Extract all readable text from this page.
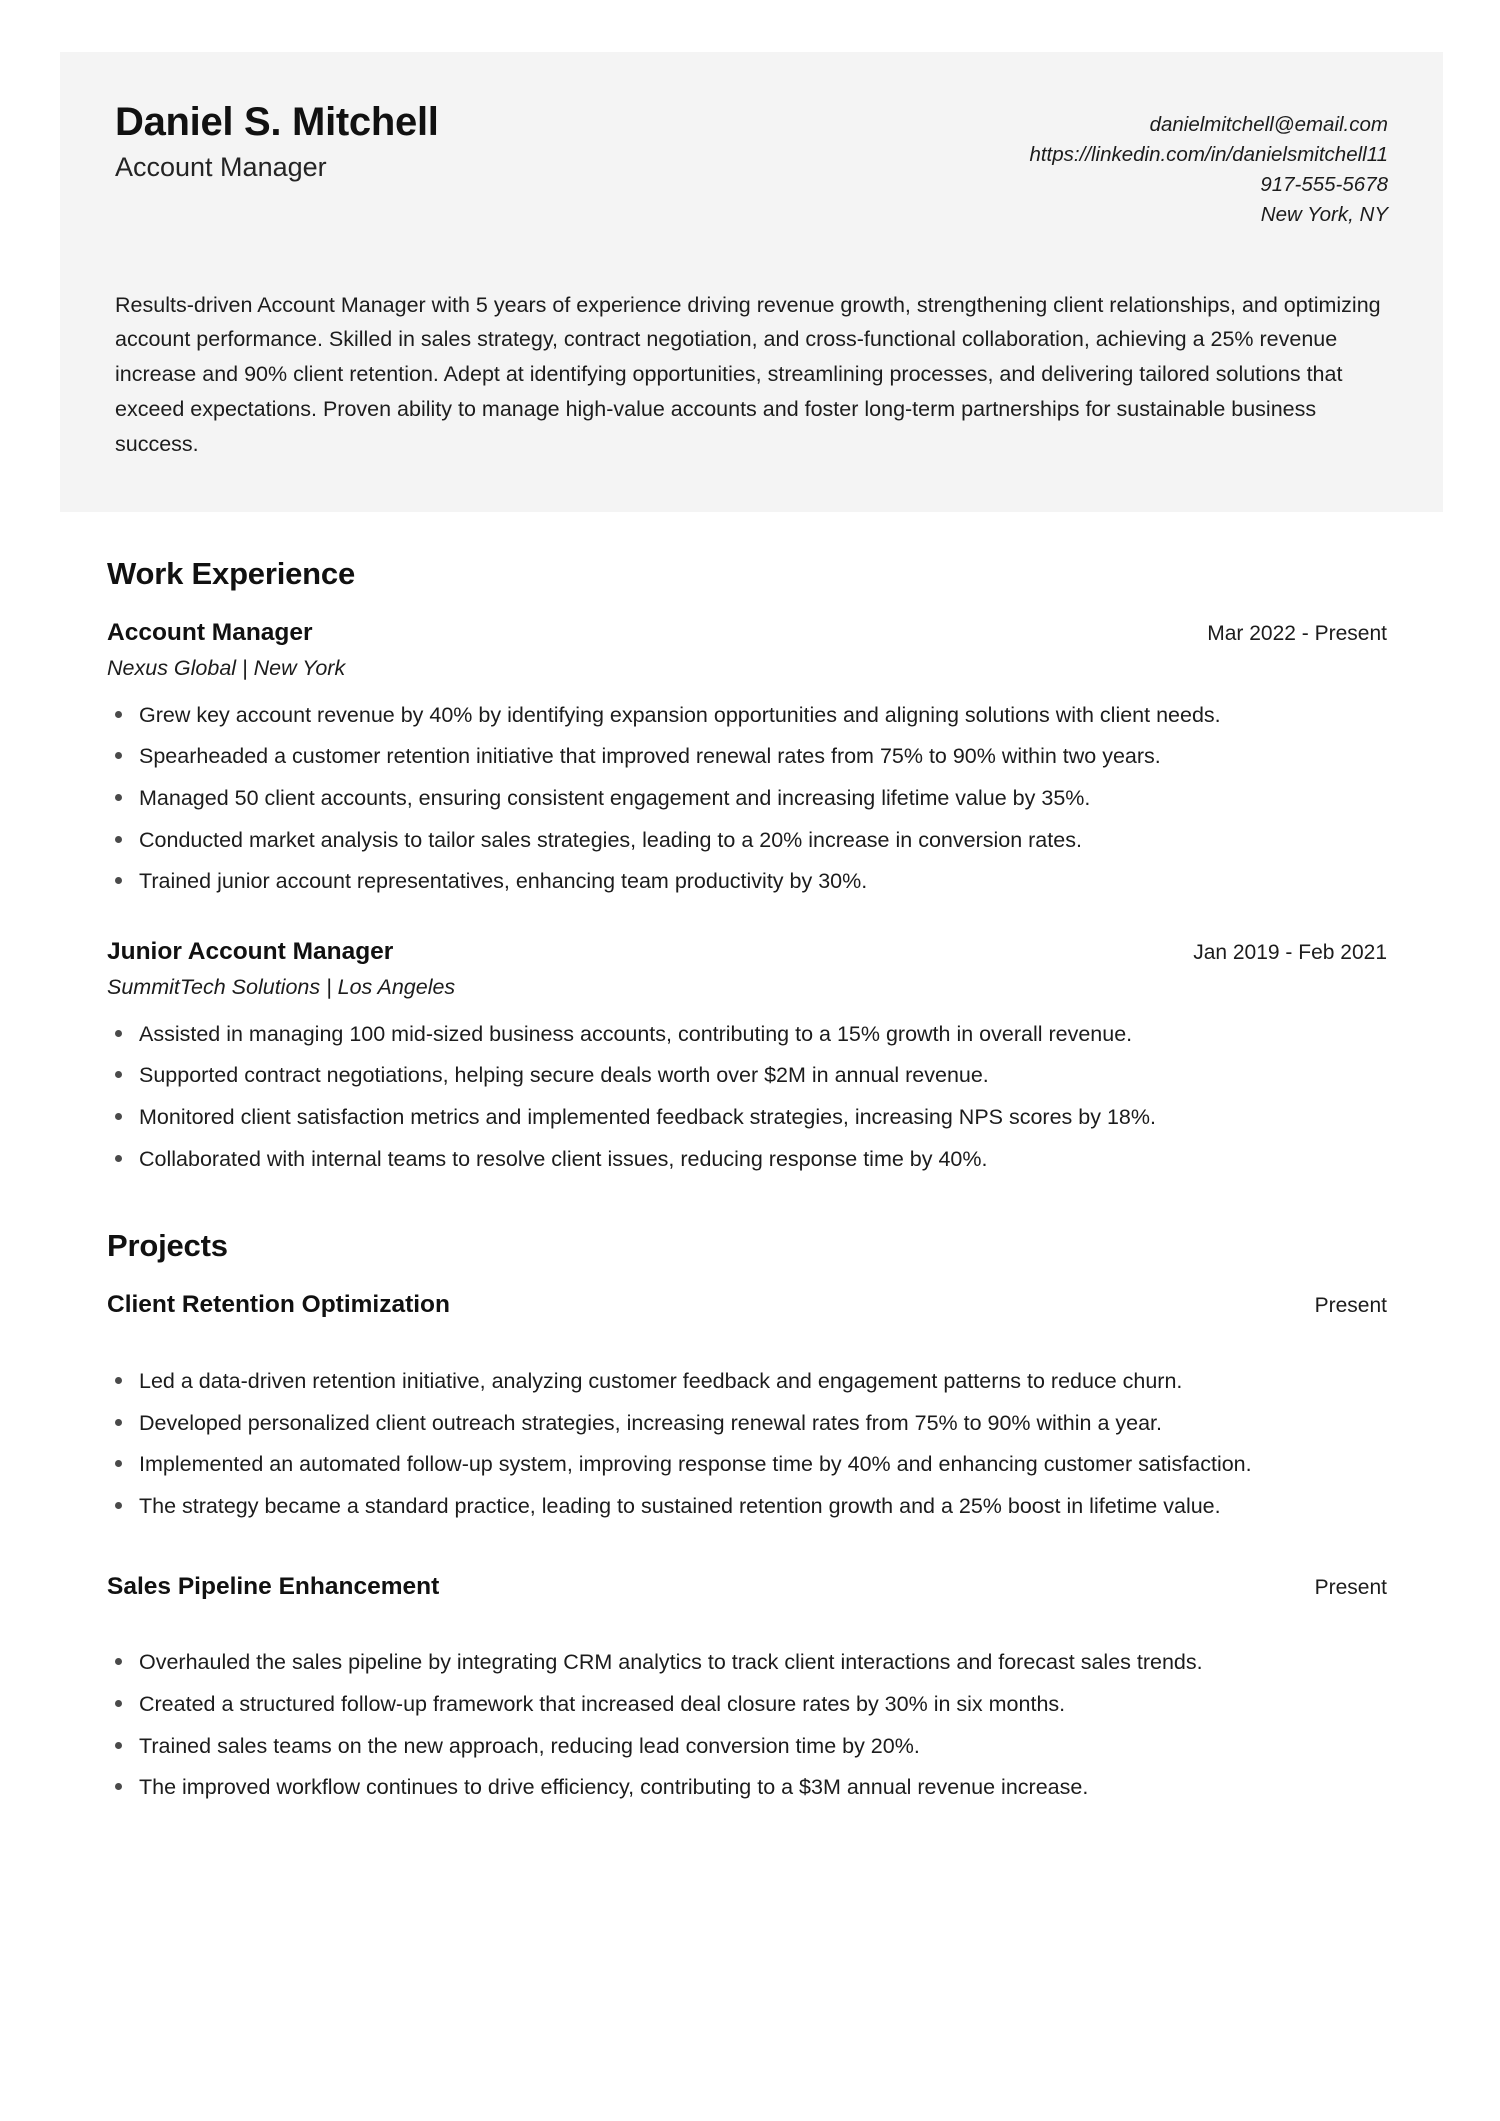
Daniel S. Mitchell
Account Manager
danielmitchell@email.com
https://linkedin.com/in/danielsmitchell11
917-555-5678
New York, NY
Results-driven Account Manager with 5 years of experience driving revenue growth, strengthening client relationships, and optimizing account performance. Skilled in sales strategy, contract negotiation, and cross-functional collaboration, achieving a 25% revenue increase and 90% client retention. Adept at identifying opportunities, streamlining processes, and delivering tailored solutions that exceed expectations. Proven ability to manage high-value accounts and foster long-term partnerships for sustainable business success.
Work Experience
Account Manager	Mar 2022 - Present
Nexus Global | New York
Grew key account revenue by 40% by identifying expansion opportunities and aligning solutions with client needs.
Spearheaded a customer retention initiative that improved renewal rates from 75% to 90% within two years.
Managed 50 client accounts, ensuring consistent engagement and increasing lifetime value by 35%.
Conducted market analysis to tailor sales strategies, leading to a 20% increase in conversion rates.
Trained junior account representatives, enhancing team productivity by 30%.
Junior Account Manager	Jan 2019 - Feb 2021
SummitTech Solutions | Los Angeles
Assisted in managing 100 mid-sized business accounts, contributing to a 15% growth in overall revenue.
Supported contract negotiations, helping secure deals worth over $2M in annual revenue.
Monitored client satisfaction metrics and implemented feedback strategies, increasing NPS scores by 18%.
Collaborated with internal teams to resolve client issues, reducing response time by 40%.
Projects
Client Retention Optimization	Present
Led a data-driven retention initiative, analyzing customer feedback and engagement patterns to reduce churn.
Developed personalized client outreach strategies, increasing renewal rates from 75% to 90% within a year.
Implemented an automated follow-up system, improving response time by 40% and enhancing customer satisfaction.
The strategy became a standard practice, leading to sustained retention growth and a 25% boost in lifetime value.
Sales Pipeline Enhancement	Present
Overhauled the sales pipeline by integrating CRM analytics to track client interactions and forecast sales trends.
Created a structured follow-up framework that increased deal closure rates by 30% in six months.
Trained sales teams on the new approach, reducing lead conversion time by 20%.
The improved workflow continues to drive efficiency, contributing to a $3M annual revenue increase.
